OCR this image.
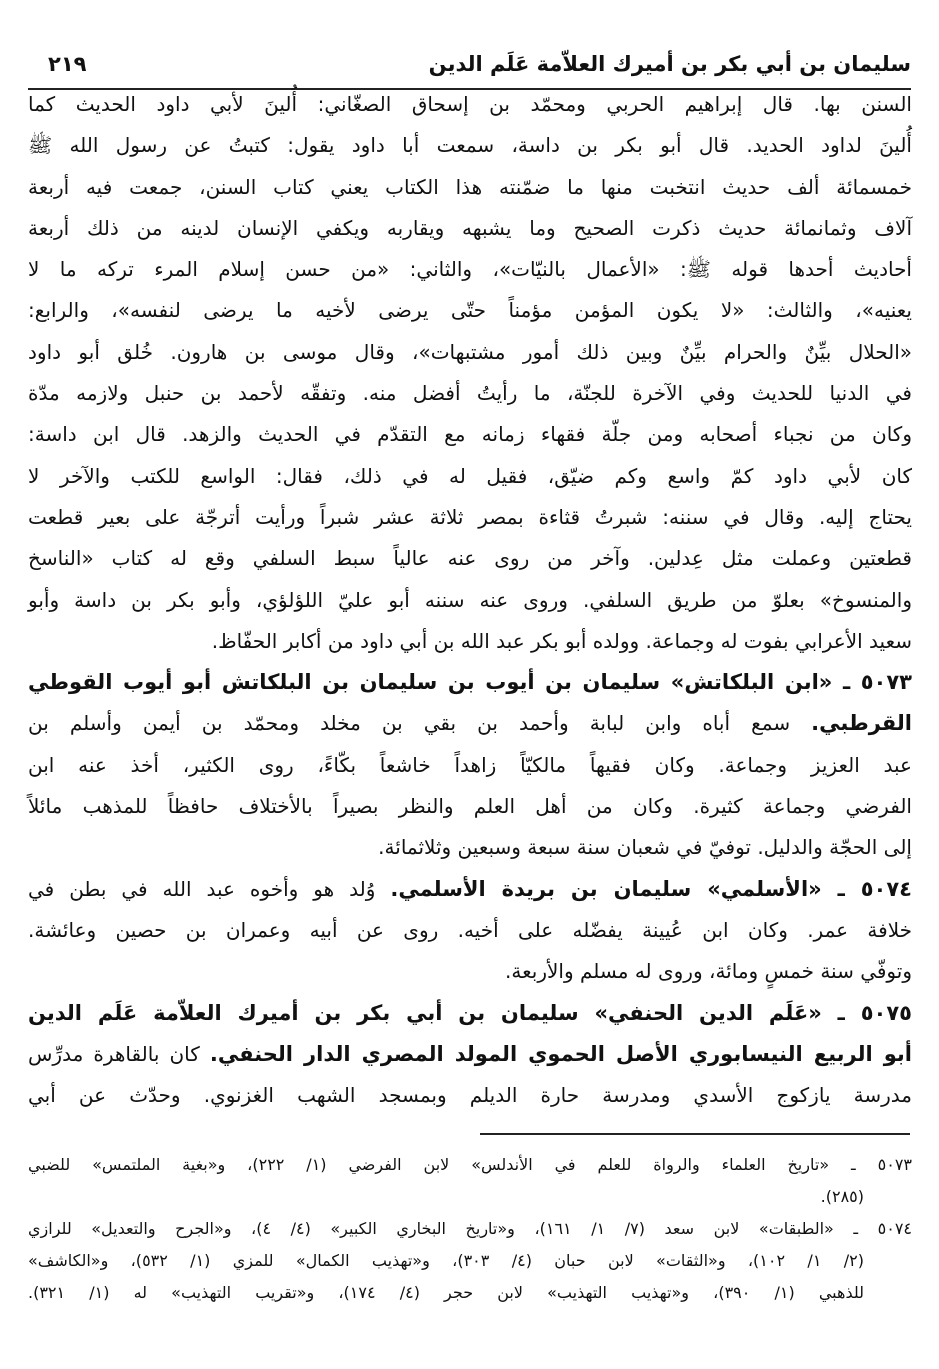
سليمان بن أبي بكر بن أميرك العلاّمة عَلَم الدين
٢١٩
السنن بها. قال إبراهيم الحربي ومحمّد بن إسحاق الصغّاني: أُلينَ لأبي داود الحديث كما
أُلينَ لداود الحديد. قال أبو بكر بن داسة، سمعت أبا داود يقول: كتبتُ عن رسول الله ﷺ
خمسمائة ألف حديث انتخبت منها ما ضمّنته هذا الكتاب يعني كتاب السنن، جمعت فيه أربعة
آلاف وثمانمائة حديث ذكرت الصحيح وما يشبهه ويقاربه ويكفي الإنسان لدينه من ذلك أربعة
أحاديث أحدها قوله ﷺ: «الأعمال بالنيّات»، والثاني: «من حسن إسلام المرء تركه ما لا
يعنيه»، والثالث: «لا يكون المؤمن مؤمناً حتّى يرضى لأخيه ما يرضى لنفسه»، والرابع:
«الحلال بيِّنٌ والحرام بيِّنٌ وبين ذلك أمور مشتبهات»، وقال موسى بن هارون. خُلق أبو داود
في الدنيا للحديث وفي الآخرة للجنّة، ما رأيتُ أفضل منه. وتفقّه لأحمد بن حنبل ولازمه مدّة
وكان من نجباء أصحابه ومن جلّة فقهاء زمانه مع التقدّم في الحديث والزهد. قال ابن داسة:
كان لأبي داود كمّ واسع وكم ضيّق، فقيل له في ذلك، فقال: الواسع للكتب والآخر لا
يحتاج إليه. وقال في سننه: شبرتُ قثاءة بمصر ثلاثة عشر شبراً ورأيت أترجّة على بعير قطعت
قطعتين وعملت مثل عِدلين. وآخر من روى عنه عالياً سبط السلفي وقع له كتاب «الناسخ
والمنسوخ» بعلوّ من طريق السلفي. وروى عنه سننه أبو عليّ اللؤلؤي، وأبو بكر بن داسة وأبو
سعيد الأعرابي بفوت له وجماعة. وولده أبو بكر عبد الله بن أبي داود من أكابر الحفّاظ.
٥٠٧٣ ـ «ابن البلكاتش» سليمان بن أيوب بن سليمان بن البلكاتش أبو أيوب القوطي
القرطبي. سمع أباه وابن لبابة وأحمد بن بقي بن مخلد ومحمّد بن أيمن وأسلم بن
عبد العزيز وجماعة. وكان فقيهاً مالكيّاً زاهداً خاشعاً بكّاءً، روى الكثير، أخذ عنه ابن
الفرضي وجماعة كثيرة. وكان من أهل العلم والنظر بصيراً بالأختلاف حافظاً للمذهب مائلاً
إلى الحجّة والدليل. توفيّ في شعبان سنة سبعة وسبعين وثلاثمائة.
٥٠٧٤ ـ «الأسلمي» سليمان بن بريدة الأسلمي. وُلد هو وأخوه عبد الله في بطن في
خلافة عمر. وكان ابن عُيينة يفضّله على أخيه. روى عن أبيه وعمران بن حصين وعائشة.
وتوفّي سنة خمسٍ ومائة، وروى له مسلم والأربعة.
٥٠٧٥ ـ «عَلَم الدين الحنفي» سليمان بن أبي بكر بن أميرك العلاّمة عَلَم الدين
أبو الربيع النيسابوري الأصل الحموي المولد المصري الدار الحنفي. كان بالقاهرة مدرِّس
مدرسة يازكوج الأسدي ومدرسة حارة الديلم وبمسجد الشهب الغزنوي. وحدّث عن أبي
٥٠٧٣ ـ «تاريخ العلماء والرواة للعلم في الأندلس» لابن الفرضي (١/ ٢٢٢)، و«بغية الملتمس» للضبي
(٢٨٥).
٥٠٧٤ ـ «الطبقات» لابن سعد (٧/ ١/ ١٦١)، و«تاريخ البخاري الكبير» (٤/ ٤)، و«الجرح والتعديل» للرازي
(٢/ ١/ ١٠٢)، و«الثقات» لابن حبان (٤/ ٣٠٣)، و«تهذيب الكمال» للمزي (١/ ٥٣٢)، و«الكاشف»
للذهبي (١/ ٣٩٠)، و«تهذيب التهذيب» لابن حجر (٤/ ١٧٤)، و«تقريب التهذيب» له (١/ ٣٢١).
